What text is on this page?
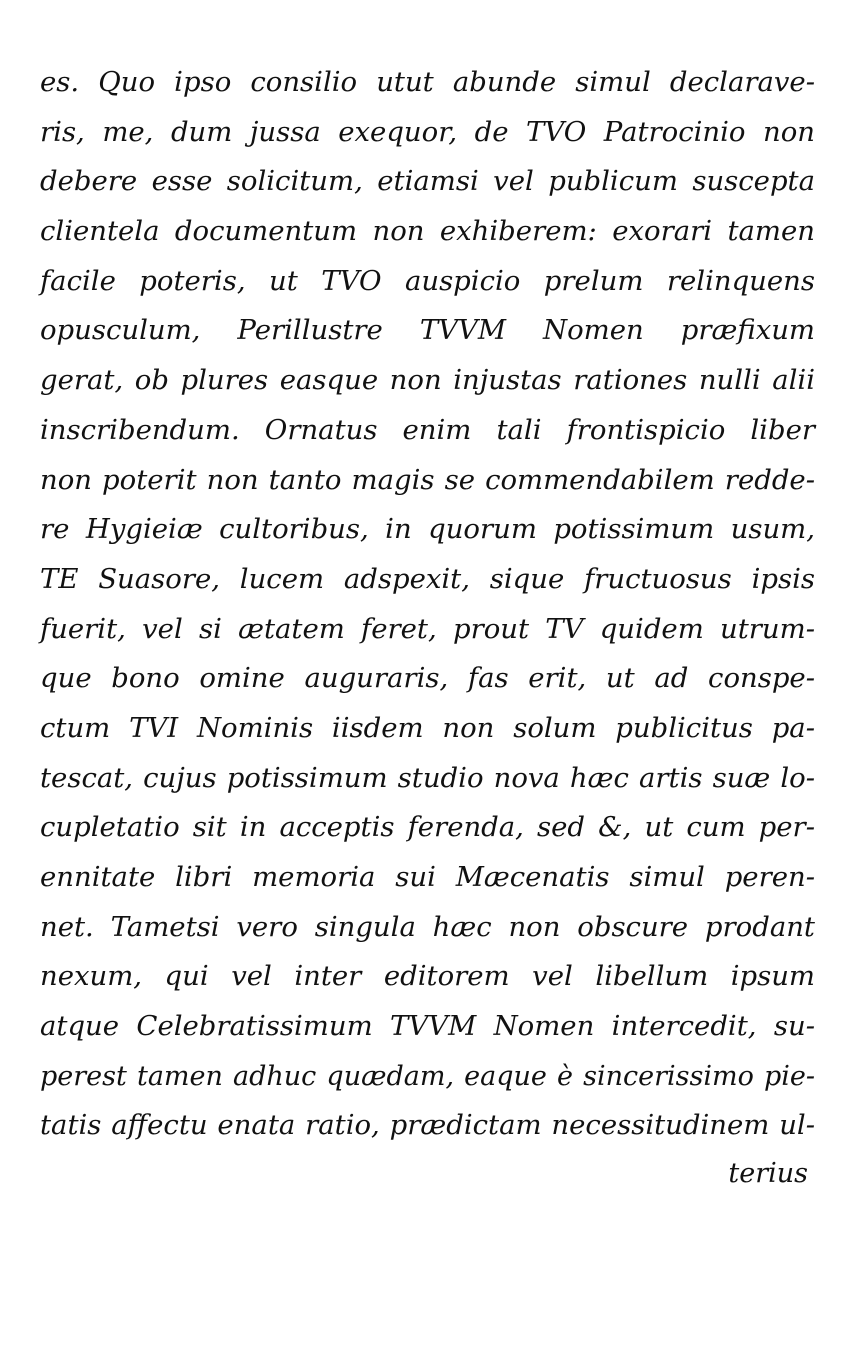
es. Quo ipso consilio utut abunde simul declarave-
ris, me, dum jussa exequor, de TVO Patrocinio non
debere esse solicitum, etiamsi vel publicum suscepta
clientela documentum non exhiberem: exorari tamen
facile poteris, ut TVO auspicio prelum relinquens
opusculum, Perillustre TVVM Nomen præfixum
gerat, ob plures easque non injustas rationes nulli alii
inscribendum. Ornatus enim tali frontispicio liber
non poterit non tanto magis se commendabilem redde-
re Hygieiæ cultoribus, in quorum potissimum usum,
TE Suasore, lucem adspexit, sique fructuosus ipsis
fuerit, vel si ætatem feret, prout TV quidem utrum-
que bono omine auguraris, fas erit, ut ad conspe-
ctum TVI Nominis iisdem non solum publicitus pa-
tescat, cujus potissimum studio nova hæc artis suæ lo-
cupletatio sit in acceptis ferenda, sed &, ut cum per-
ennitate libri memoria sui Mæcenatis simul peren-
net. Tametsi vero singula hæc non obscure prodant
nexum, qui vel inter editorem vel libellum ipsum
atque Celebratissimum TVVM Nomen intercedit, su-
perest tamen adhuc quædam, eaque è sincerissimo pie-
tatis affectu enata ratio, prædictam necessitudinem ul-
terius
